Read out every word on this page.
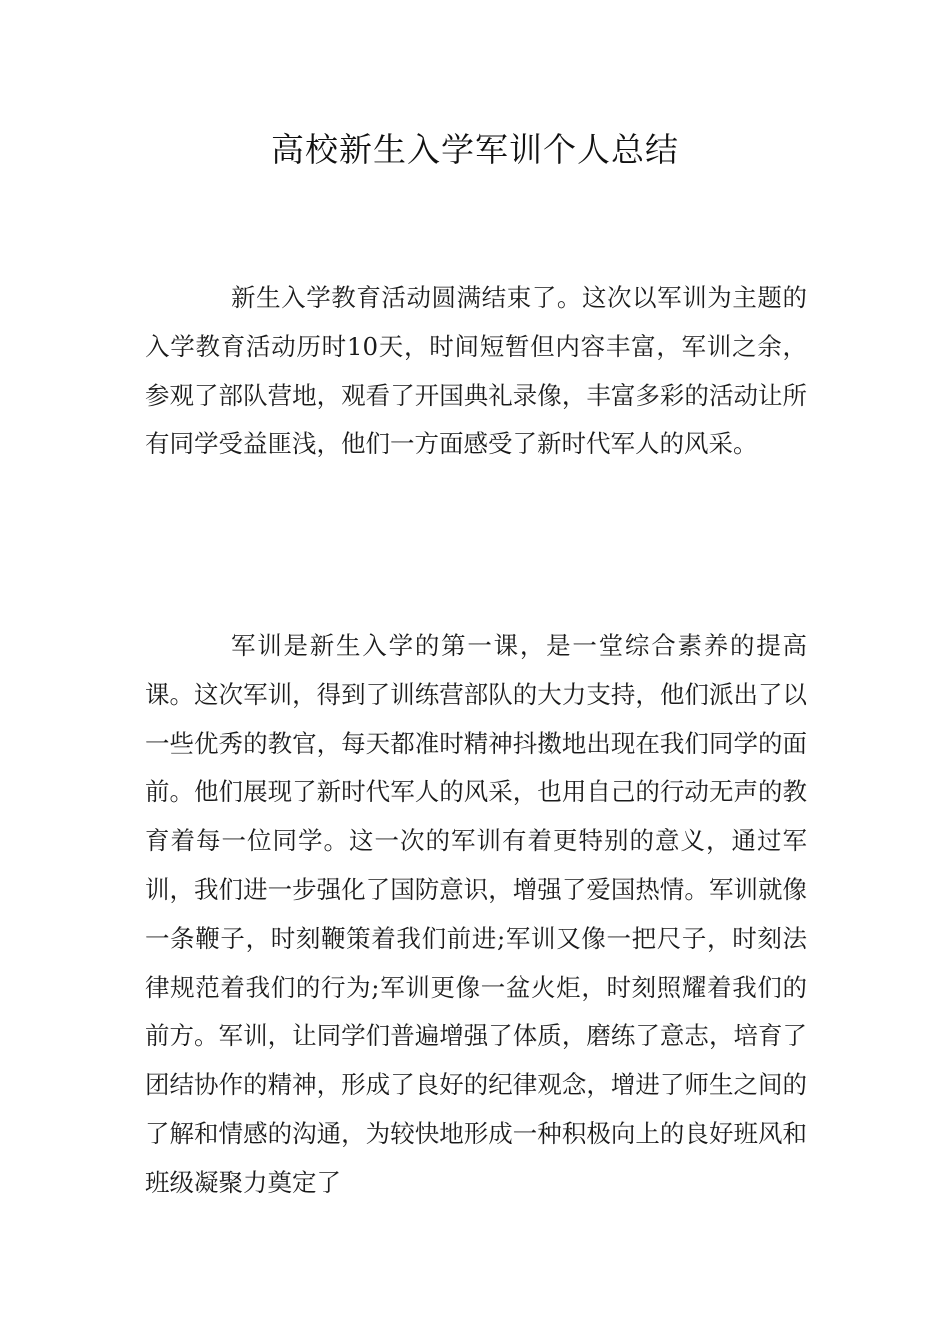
高校新生入学军训个人总结

新生入学教育活动圆满结束了。这次以军训为主题的入学教育活动历时10天，时间短暂但内容丰富，军训之余，参观了部队营地，观看了开国典礼录像，丰富多彩的活动让所有同学受益匪浅，他们一方面感受了新时代军人的风采。

军训是新生入学的第一课，是一堂综合素养的提高课。这次军训，得到了训练营部队的大力支持，他们派出了以一些优秀的教官，每天都准时精神抖擞地出现在我们同学的面前。他们展现了新时代军人的风采，也用自己的行动无声的教育着每一位同学。这一次的军训有着更特别的意义，通过军训，我们进一步强化了国防意识，增强了爱国热情。军训就像一条鞭子，时刻鞭策着我们前进;军训又像一把尺子，时刻法律规范着我们的行为;军训更像一盆火炬，时刻照耀着我们的前方。军训，让同学们普遍增强了体质，磨练了意志，培育了团结协作的精神，形成了良好的纪律观念，增进了师生之间的了解和情感的沟通，为较快地形成一种积极向上的良好班风和班级凝聚力奠定了
